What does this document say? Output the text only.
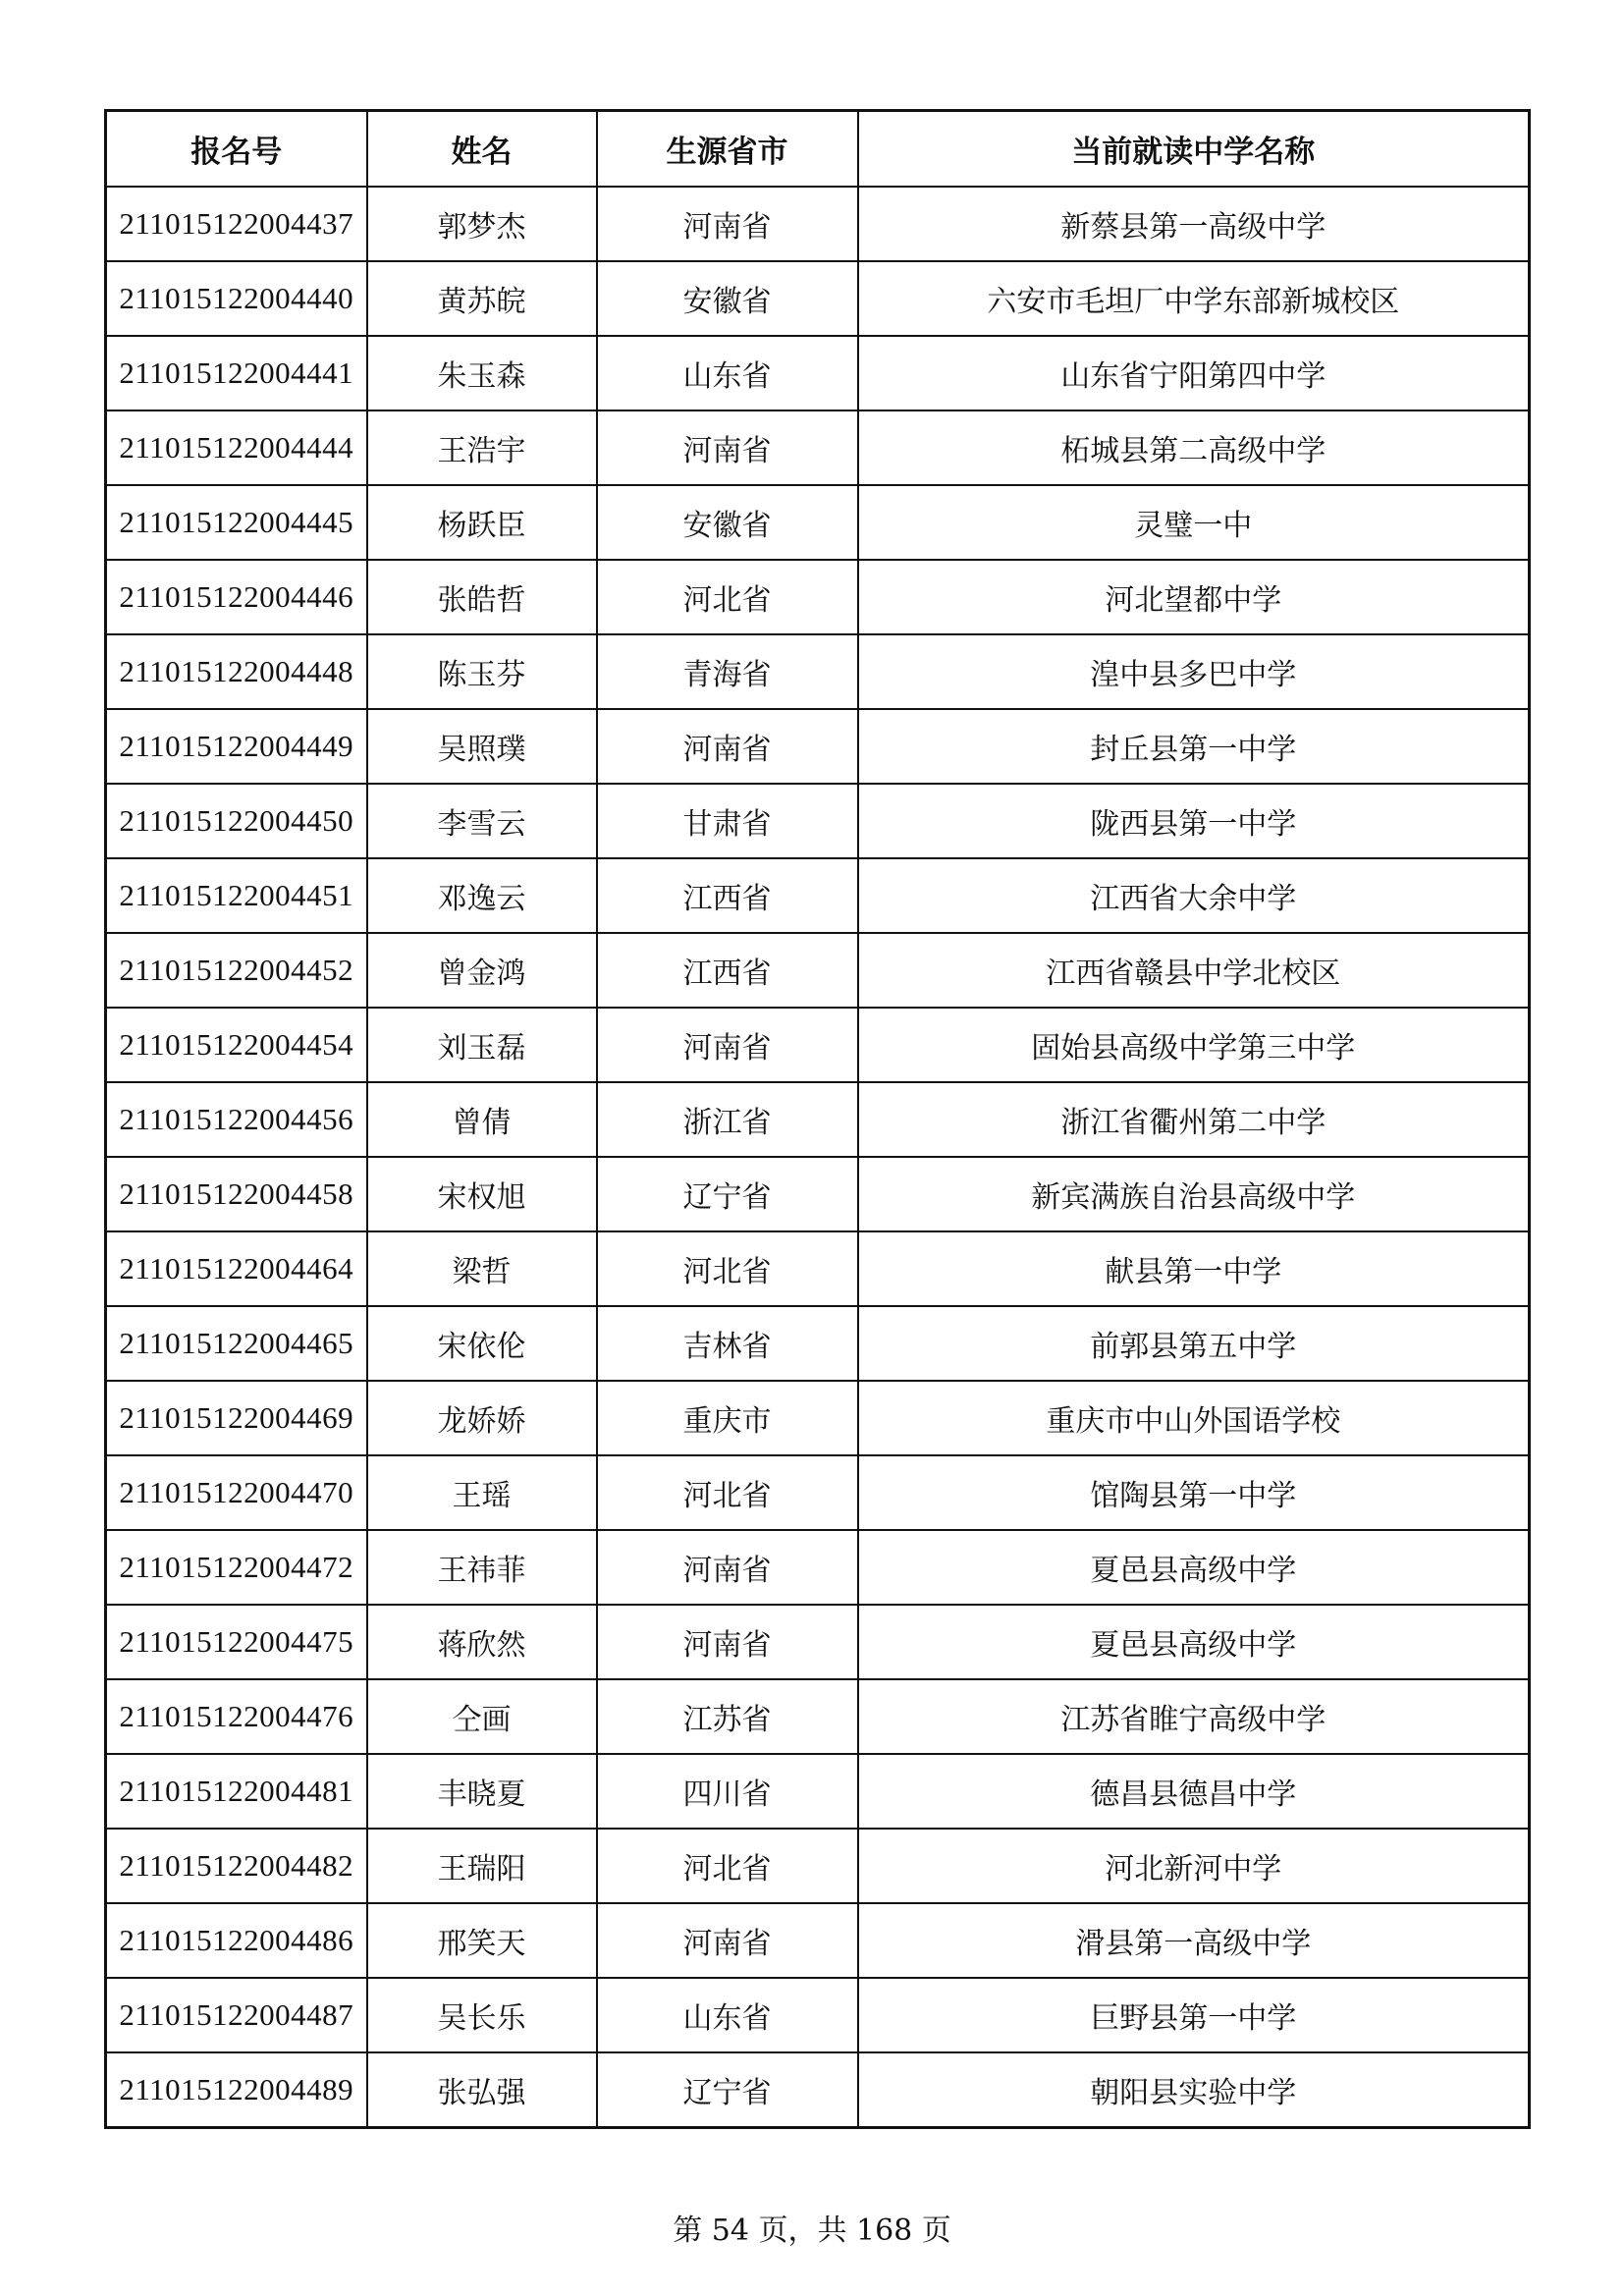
报名号	姓名	生源省市	当前就读中学名称
211015122004437	郭梦杰	河南省	新蔡县第一高级中学
211015122004440	黄苏皖	安徽省	六安市毛坦厂中学东部新城校区
211015122004441	朱玉森	山东省	山东省宁阳第四中学
211015122004444	王浩宇	河南省	柘城县第二高级中学
211015122004445	杨跃臣	安徽省	灵璧一中
211015122004446	张皓哲	河北省	河北望都中学
211015122004448	陈玉芬	青海省	湟中县多巴中学
211015122004449	吴照璞	河南省	封丘县第一中学
211015122004450	李雪云	甘肃省	陇西县第一中学
211015122004451	邓逸云	江西省	江西省大余中学
211015122004452	曾金鸿	江西省	江西省赣县中学北校区
211015122004454	刘玉磊	河南省	固始县高级中学第三中学
211015122004456	曾倩	浙江省	浙江省衢州第二中学
211015122004458	宋权旭	辽宁省	新宾满族自治县高级中学
211015122004464	梁哲	河北省	献县第一中学
211015122004465	宋依伦	吉林省	前郭县第五中学
211015122004469	龙娇娇	重庆市	重庆市中山外国语学校
211015122004470	王瑶	河北省	馆陶县第一中学
211015122004472	王祎菲	河南省	夏邑县高级中学
211015122004475	蒋欣然	河南省	夏邑县高级中学
211015122004476	仝画	江苏省	江苏省睢宁高级中学
211015122004481	丰晓夏	四川省	德昌县德昌中学
211015122004482	王瑞阳	河北省	河北新河中学
211015122004486	邢笑天	河南省	滑县第一高级中学
211015122004487	吴长乐	山东省	巨野县第一中学
211015122004489	张弘强	辽宁省	朝阳县实验中学
第 54 页，共 168 页
